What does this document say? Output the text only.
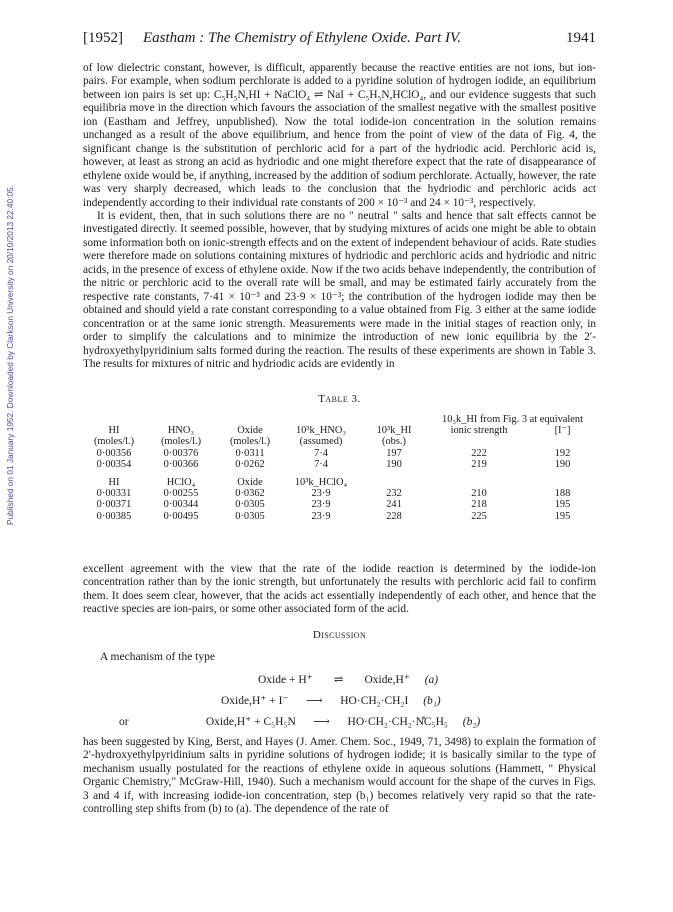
Published on 01 January 1952. Downloaded by Clarkson University on 20/10/2013 22:40:05.
[1952] Eastham : The Chemistry of Ethylene Oxide. Part IV.	1941

of low dielectric constant, however, is difficult, apparently because the reactive entities are not ions, but ion-pairs. For example, when sodium perchlorate is added to a pyridine solution of hydrogen iodide, an equilibrium between ion pairs is set up: C₅H₅N,HI + NaClO₄ ⇌ NaI + C₅H₅N,HClO₄, and our evidence suggests that such equilibria move in the direction which favours the association of the smallest negative with the smallest positive ion (Eastham and Jeffrey, unpublished). Now the total iodide-ion concentration in the solution remains unchanged as a result of the above equilibrium, and hence from the point of view of the data of Fig. 4, the significant change is the substitution of perchloric acid for a part of the hydriodic acid. Perchloric acid is, however, at least as strong an acid as hydriodic and one might therefore expect that the rate of disappearance of ethylene oxide would be, if anything, increased by the addition of sodium perchlorate. Actually, however, the rate was very sharply decreased, which leads to the conclusion that the hydriodic and perchloric acids act independently according to their individual rate constants of 200 × 10⁻³ and 24 × 10⁻³, respectively.

It is evident, then, that in such solutions there are no " neutral " salts and hence that salt effects cannot be investigated directly. It seemed possible, however, that by studying mixtures of acids one might be able to obtain some information both on ionic-strength effects and on the extent of independent behaviour of acids. Rate studies were therefore made on solutions containing mixtures of hydriodic and perchloric acids and hydriodic and nitric acids, in the presence of excess of ethylene oxide. Now if the two acids behave independently, the contribution of the nitric or perchloric acid to the overall rate will be small, and may be estimated fairly accurately from the respective rate constants, 7·41 × 10⁻³ and 23·9 × 10⁻³; the contribution of the hydrogen iodide may then be obtained and should yield a rate constant corresponding to a value obtained from Fig. 3 either at the same iodide concentration or at the same ionic strength. Measurements were made in the initial stages of reaction only, in order to simplify the calculations and to minimize the introduction of new ionic equilibria by the 2′-hydroxyethylpyridinium salts formed during the reaction. The results of these experiments are shown in Table 3. The results for mixtures of nitric and hydriodic acids are evidently in

Table 3.
					10₃k_HI from Fig. 3 at equivalent	
HI	HNO₃	Oxide	10³k_HNO₃	10³k_HI	ionic strength	[I⁻]
(moles/l.)	(moles/l.)	(moles/l.)	(assumed)	(obs.)		
0·00356	0·00376	0·0311	7·4	197	222	192
0·00354	0·00366	0·0262	7·4	190	219	190

HI	HClO₄	Oxide	10³k_HClO₄			
0·00331	0·00255	0·0362	23·9	232	210	188
0·00371	0·00344	0·0305	23·9	241	218	195
0·00385	0·00495	0·0305	23·9	228	225	195

excellent agreement with the view that the rate of the iodide reaction is determined by the iodide-ion concentration rather than by the ionic strength, but unfortunately the results with perchloric acid fail to confirm them. It does seem clear, however, that the acids act essentially independently of each other, and hence that the reactive species are ion-pairs, or some other associated form of the acid.

Discussion
A mechanism of the type
Oxide + H⁺ ⇌ Oxide,H⁺ (a)
Oxide,H⁺ + I⁻ ⟶ HO·CH₂·CH₂I (b₁)
or	Oxide,H⁺ + C₅H₅N ⟶ HO·CH₂·CH₂·N̊C₅H₅ (b₂)

has been suggested by King, Berst, and Hayes (J. Amer. Chem. Soc., 1949, 71, 3498) to explain the formation of 2′-hydroxyethylpyridinium salts in pyridine solutions of hydrogen iodide; it is basically similar to the type of mechanism usually postulated for the reactions of ethylene oxide in aqueous solutions (Hammett, " Physical Organic Chemistry," McGraw-Hill, 1940). Such a mechanism would account for the shape of the curves in Figs. 3 and 4 if, with increasing iodide-ion concentration, step (b₁) becomes relatively very rapid so that the rate-controlling step shifts from (b) to (a). The dependence of the rate of
